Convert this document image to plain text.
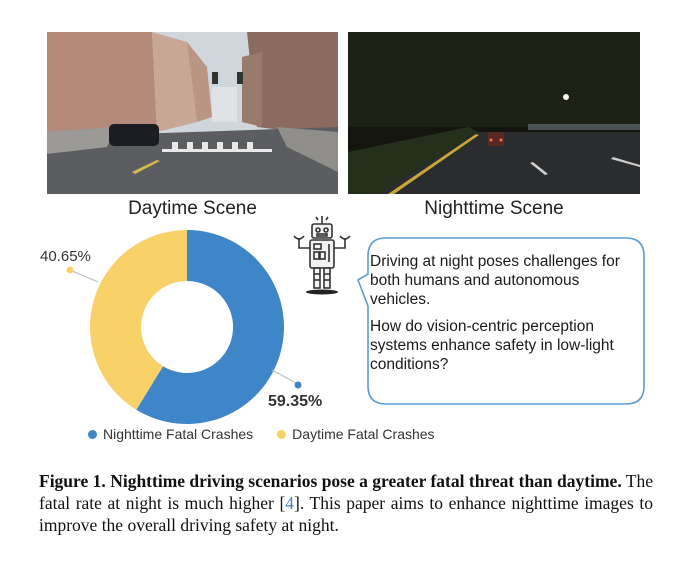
Daytime Scene	Nighttime Scene
40.65%
59.35%
Nighttime Fatal Crashes	Daytime Fatal Crashes

Driving at night poses challenges for both humans and autonomous vehicles.

How do vision-centric perception systems enhance safety in low-light conditions?

Figure 1. Nighttime driving scenarios pose a greater fatal threat than daytime. The fatal rate at night is much higher [4]. This paper aims to enhance nighttime images to improve the overall driving safety at night.
